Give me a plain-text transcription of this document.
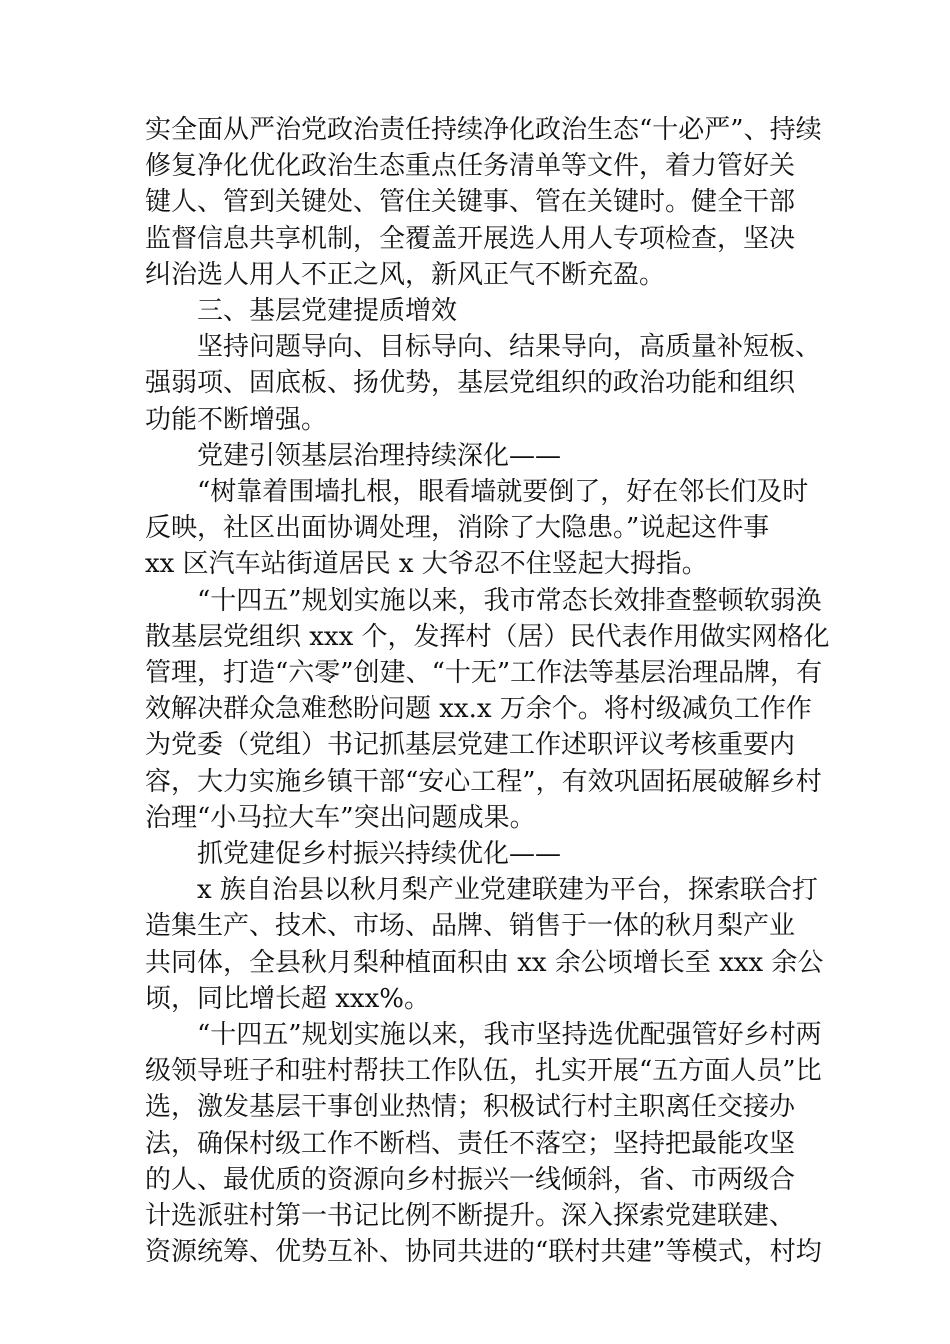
实全面从严治党政治责任持续净化政治生态“十必严”、持续

修复净化优化政治生态重点任务清单等文件，着力管好关

键人、管到关键处、管住关键事、管在关键时。健全干部

监督信息共享机制，全覆盖开展选人用人专项检查，坚决

纠治选人用人不正之风，新风正气不断充盈。

三、基层党建提质增效

坚持问题导向、目标导向、结果导向，高质量补短板、

强弱项、固底板、扬优势，基层党组织的政治功能和组织

功能不断增强。

党建引领基层治理持续深化——

“树靠着围墙扎根，眼看墙就要倒了，好在邻长们及时

反映，社区出面协调处理，消除了大隐患。”说起这件事

xx 区汽车站街道居民 x 大爷忍不住竖起大拇指。

“十四五”规划实施以来，我市常态长效排查整顿软弱涣

散基层党组织 xxx 个，发挥村（居）民代表作用做实网格化

管理，打造“六零”创建、“十无”工作法等基层治理品牌，有

效解决群众急难愁盼问题 xx.x 万余个。将村级减负工作作

为党委（党组）书记抓基层党建工作述职评议考核重要内

容，大力实施乡镇干部“安心工程”，有效巩固拓展破解乡村

治理“小马拉大车”突出问题成果。

抓党建促乡村振兴持续优化——

x 族自治县以秋月梨产业党建联建为平台，探索联合打

造集生产、技术、市场、品牌、销售于一体的秋月梨产业

共同体，全县秋月梨种植面积由 xx 余公顷增长至 xxx 余公

顷，同比增长超 xxx%。

“十四五”规划实施以来，我市坚持选优配强管好乡村两

级领导班子和驻村帮扶工作队伍，扎实开展“五方面人员”比

选，激发基层干事创业热情；积极试行村主职离任交接办

法，确保村级工作不断档、责任不落空；坚持把最能攻坚

的人、最优质的资源向乡村振兴一线倾斜，省、市两级合

计选派驻村第一书记比例不断提升。深入探索党建联建、

资源统筹、优势互补、协同共进的“联村共建”等模式，村均
